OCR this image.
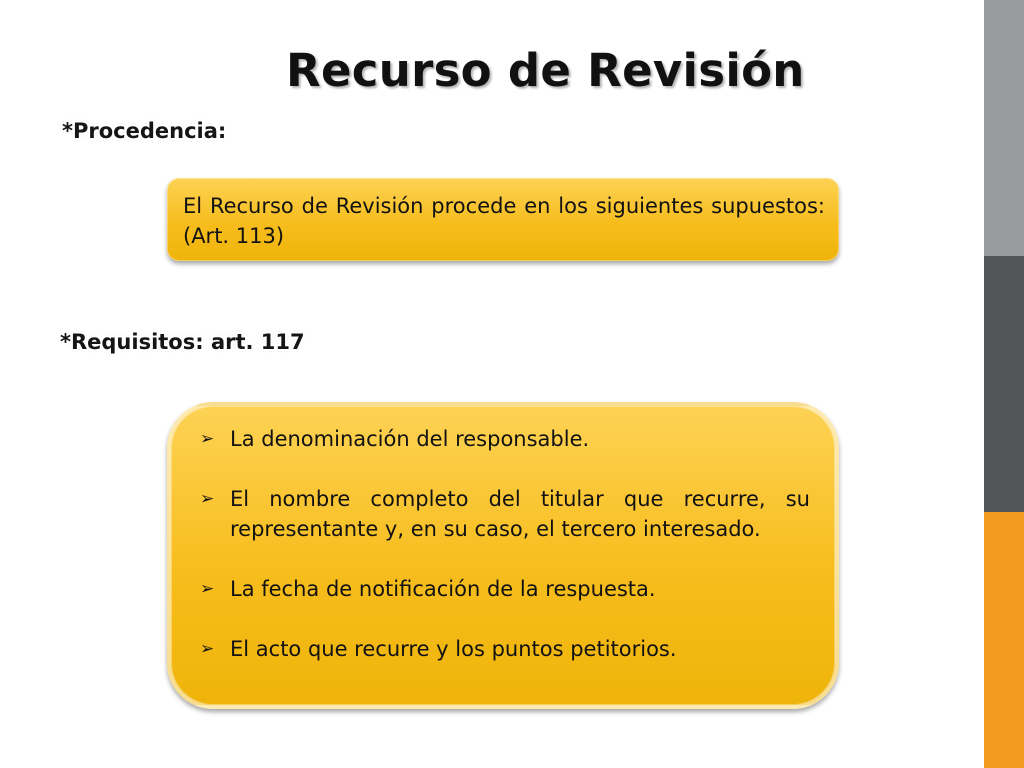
Recurso de Revisión
*Procedencia:
El Recurso de Revisión procede en los siguientes supuestos: (Art. 113)
*Requisitos: art. 117
➢ La denominación del responsable.
➢ El nombre completo del titular que recurre, su representante y, en su caso, el tercero interesado.
➢ La fecha de notificación de la respuesta.
➢ El acto que recurre y los puntos petitorios.
